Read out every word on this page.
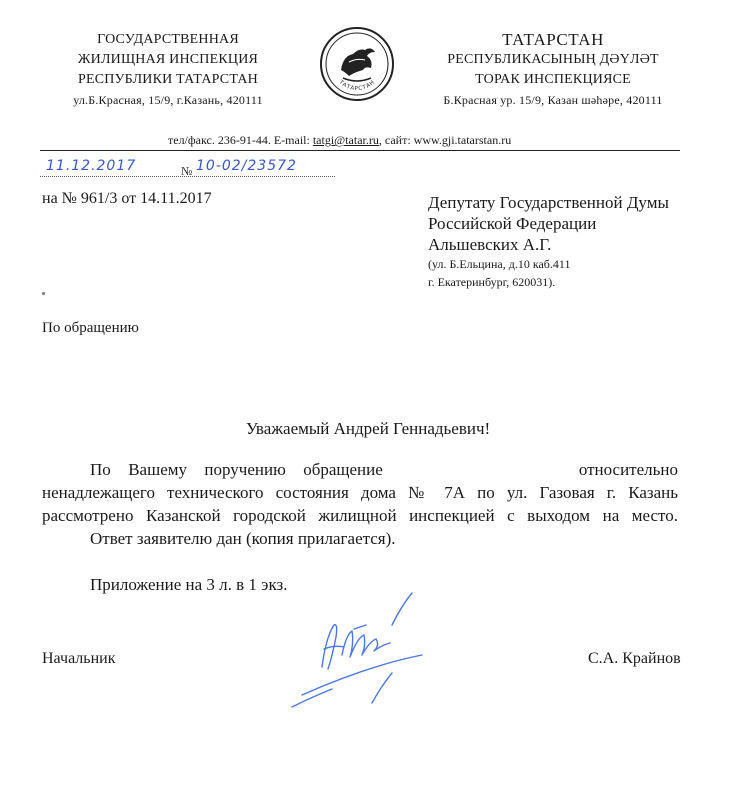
ГОСУДАРСТВЕННАЯ
ЖИЛИЩНАЯ ИНСПЕКЦИЯ
РЕСПУБЛИКИ ТАТАРСТАН
ул.Б.Красная, 15/9, г.Казань, 420111
ТАТАРСТАН
ТАТАРСТАН
РЕСПУБЛИКАСЫНЫҢ ДӘҮЛӘТ
ТОРАК ИНСПЕКЦИЯСЕ
Б.Красная ур. 15/9, Казан шәһәре, 420111
тел/факс. 236-91-44. E-mail: tatgi@tatar.ru, сайт: www.gji.tatarstan.ru
11.12.2017	№ 10-02/23572
на № 961/3 от 14.11.2017	Депутату Государственной Думы
Российской Федерации
Альшевских А.Г.
(ул. Б.Ельцина, д.10 каб.411
г. Екатеринбург, 620031).
По обращению
Уважаемый Андрей Геннадьевич!

По Вашему поручению обращение	относительно ненадлежащего технического состояния дома № 7А по ул. Газовая г. Казань рассмотрено Казанской городской жилищной инспекцией с выходом на место.

Ответ заявителю дан (копия прилагается).

Приложение на 3 л. в 1 экз.

Начальник	С.А. Крайнов
